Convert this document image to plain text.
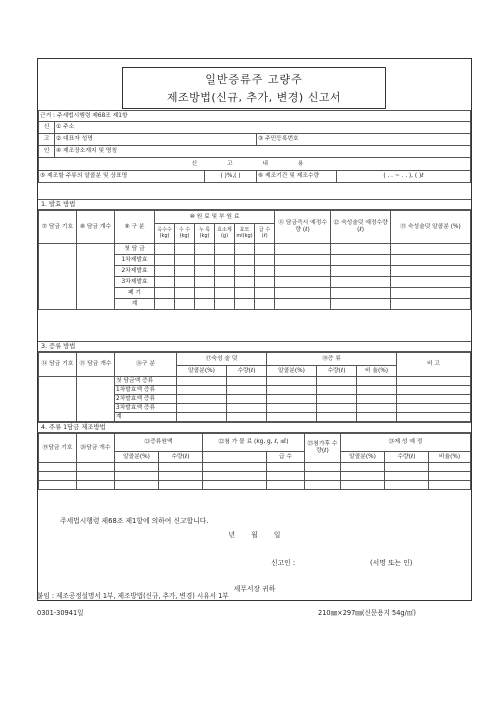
일반증류주 고량주
제조방법(신규, 추가, 변경) 신고서
근거 : 주세법시행령 제68조 제1항				
신	① 주소			
고	② 대표자 성명		③ 주민등록번호	
인	④ 제조장소재지 및 명칭			
신 고 내 용				
⑤ 제조할 주류의 알콜분 및 상표명		( )%,( )	⑥ 제조기간 및 제조수량	( . . ~ . . ), ( )ℓ
1. 발효 방법
⑦ 담금 기호	⑧ 담금 개수	⑨ 구 분	⑩ 원 료 및 부 원 료						⑪ 담금즉시 예정수량 (ℓ)	⑫ 숙성술덧 예정수량 (ℓ)	⑬ 숙성술덧 알콜분 (%)
			옥수수 (kg)	수 수 (kg)	누 룩 (kg)	효소제 (g)	효모 ml(kg)	급 수 (ℓ)			
		첫 담 금									
		1차제발효									
		2차제발효									
		3차제발효									
		폐 기									
		계									
3. 증류 방법
⑭ 담금 기호	⑮ 담금 개수	⑯구 분	⑰숙성 술 덧		⑱증 류			비 고
			알콜분(%)	수량(ℓ)	알콜분(%)	수량(ℓ)	비 율(%)	
		첫 담금액 증류						
		1차발효액 증류						
		2차발효액 증류						
		3차발효액 증류						
		계						
4. 주류 1담금 제조방법
⑲담금 기호	⑳담금 개수	㉑증류원액		㉒첨 가 물 료 (kg, g, ℓ, ㎖)		㉓첨가후 수량(ℓ)	㉔제 성 예 정		
		알콜분(%)	수량(ℓ)		급 수		알콜분(%)	수량(ℓ)	비율(%)

주세법시행령 제68조 제1항에 의하여 신고합니다.
년 월 일
신고인 :	(서명 또는 인)
세무서장 귀하
붙임 : 제조공정설명서 1부, 제조방법(신규, 추가, 변경) 시유서 1부
0301-30941일	210㎜×297㎜(신문용지 54g/㎡)
